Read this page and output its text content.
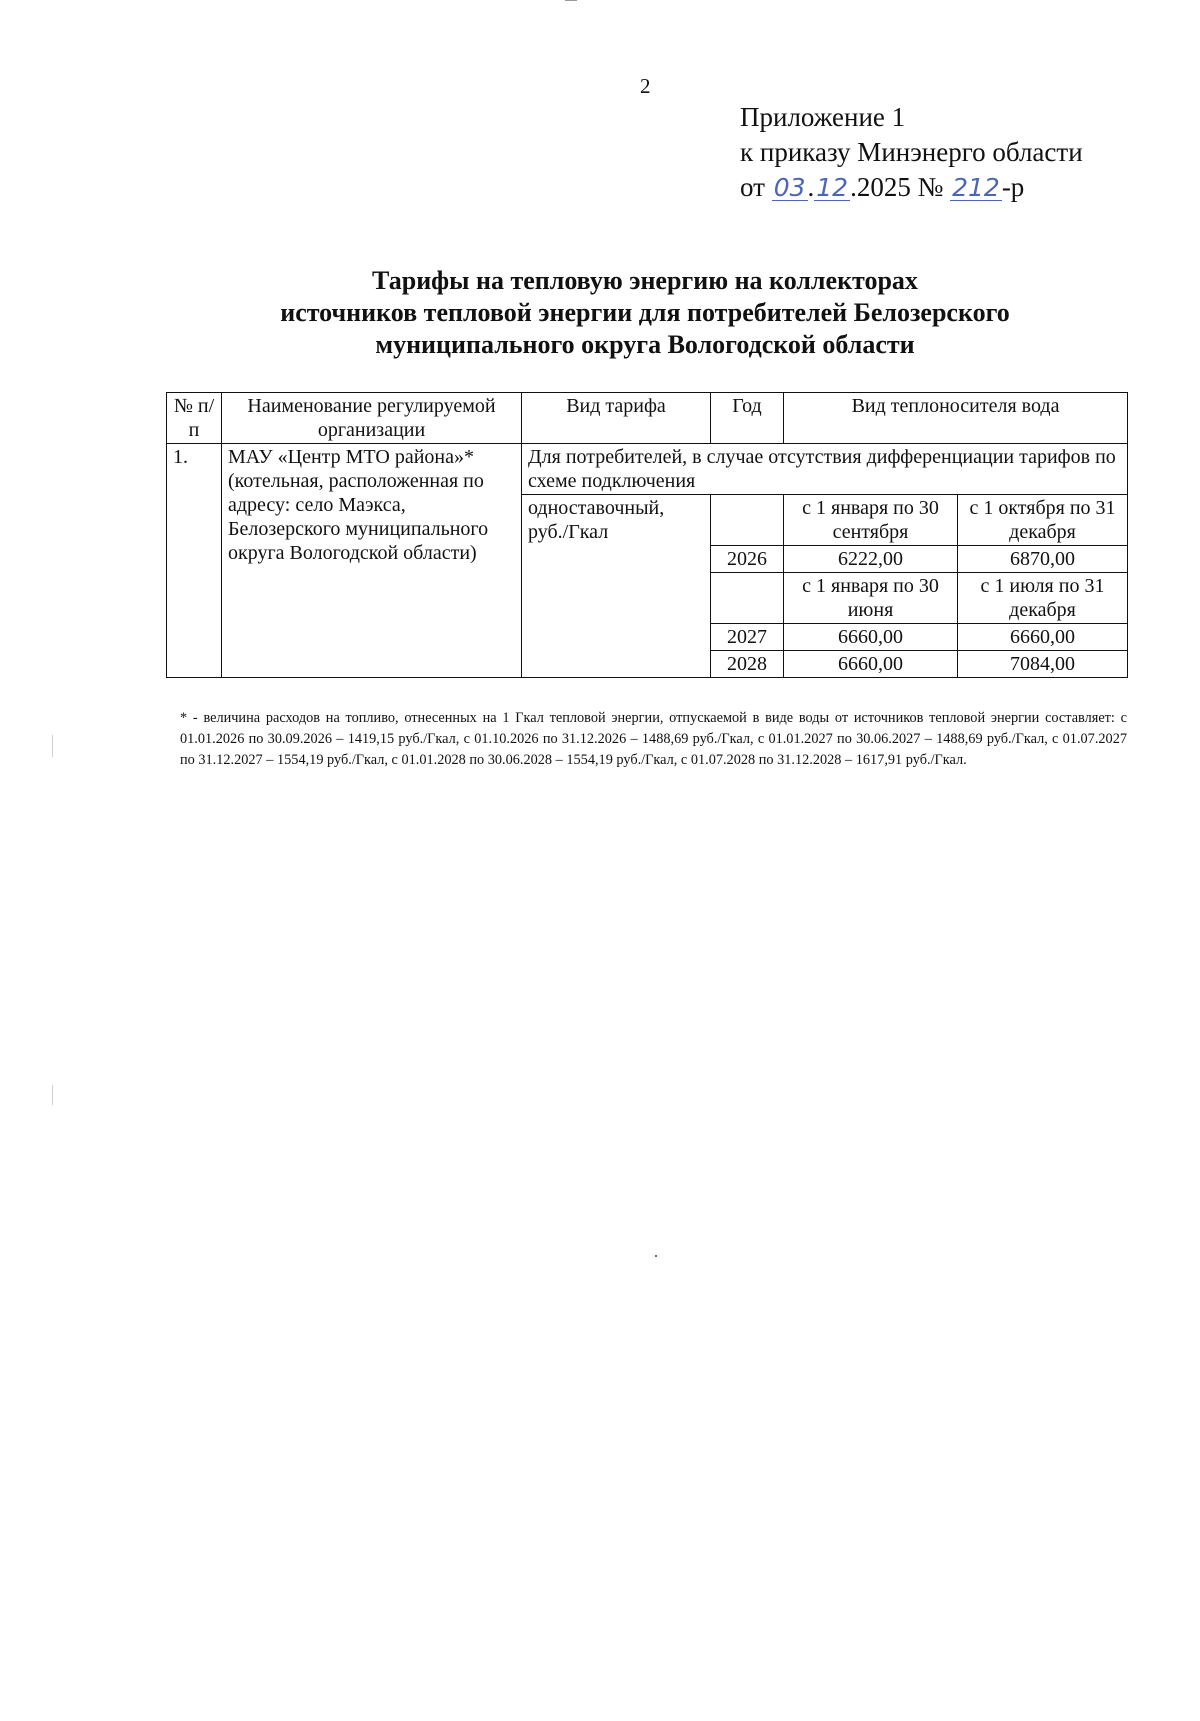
2
Приложение 1
к приказу Минэнерго области
от 03.12.2025 № 212-р
Тарифы на тепловую энергию на коллекторах
источников тепловой энергии для потребителей Белозерского
муниципального округа Вологодской области
№ п/п	Наименование регулируемой организации	Вид тарифа	Год	Вид теплоносителя вода	
1.	МАУ «Центр МТО района»* (котельная, расположенная по адресу: село Маэкса, Белозерского муниципального округа Вологодской области)	Для потребителей, в случае отсутствия дифференциации тарифов по схеме подключения			
		одноставочный, руб./Гкал		с 1 января по 30 сентября	с 1 октября по 31 декабря
			2026	6222,00	6870,00
				с 1 января по 30 июня	с 1 июля по 31 декабря
			2027	6660,00	6660,00
			2028	6660,00	7084,00
* - величина расходов на топливо, отнесенных на 1 Гкал тепловой энергии, отпускаемой в виде воды от источников тепловой энергии составляет: с 01.01.2026 по 30.09.2026 – 1419,15 руб./Гкал, с 01.10.2026 по 31.12.2026 – 1488,69 руб./Гкал, с 01.01.2027 по 30.06.2027 – 1488,69 руб./Гкал, с 01.07.2027 по 31.12.2027 – 1554,19 руб./Гкал, с 01.01.2028 по 30.06.2028 – 1554,19 руб./Гкал, с 01.07.2028 по 31.12.2028 – 1617,91 руб./Гкал.
